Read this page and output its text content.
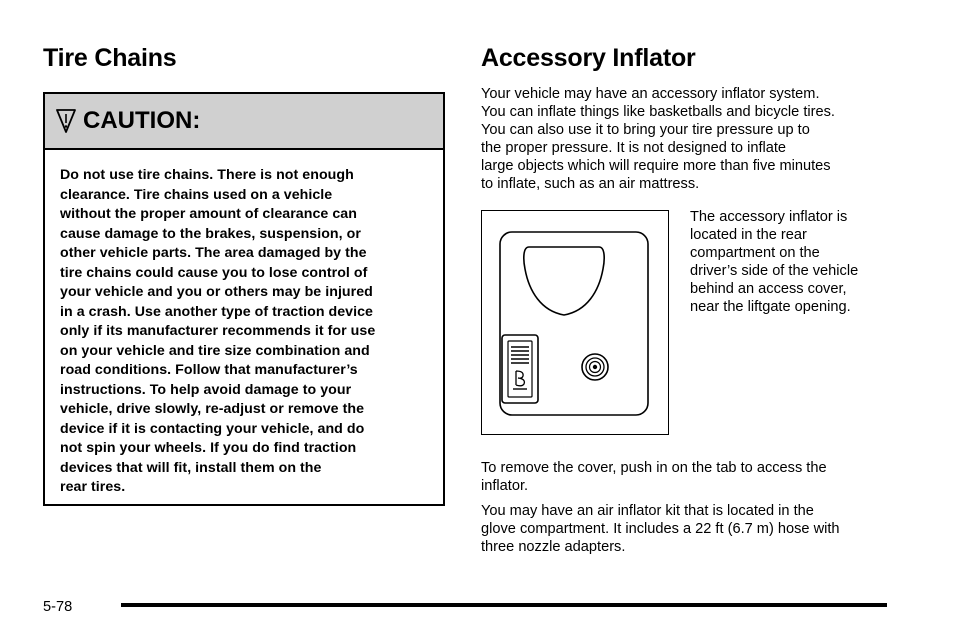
Tire Chains
CAUTION:
Do not use tire chains. There is not enough
clearance. Tire chains used on a vehicle
without the proper amount of clearance can
cause damage to the brakes, suspension, or
other vehicle parts. The area damaged by the
tire chains could cause you to lose control of
your vehicle and you or others may be injured
in a crash. Use another type of traction device
only if its manufacturer recommends it for use
on your vehicle and tire size combination and
road conditions. Follow that manufacturer’s
instructions. To help avoid damage to your
vehicle, drive slowly, re-adjust or remove the
device if it is contacting your vehicle, and do
not spin your wheels. If you do find traction
devices that will fit, install them on the
rear tires.
Accessory Inflator
Your vehicle may have an accessory inflator system.
You can inflate things like basketballs and bicycle tires.
You can also use it to bring your tire pressure up to
the proper pressure. It is not designed to inflate
large objects which will require more than five minutes
to inflate, such as an air mattress.
The accessory inflator is
located in the rear
compartment on the
driver’s side of the vehicle
behind an access cover,
near the liftgate opening.
To remove the cover, push in on the tab to access the
inflator.
You may have an air inflator kit that is located in the
glove compartment. It includes a 22 ft (6.7 m) hose with
three nozzle adapters.
5-78
